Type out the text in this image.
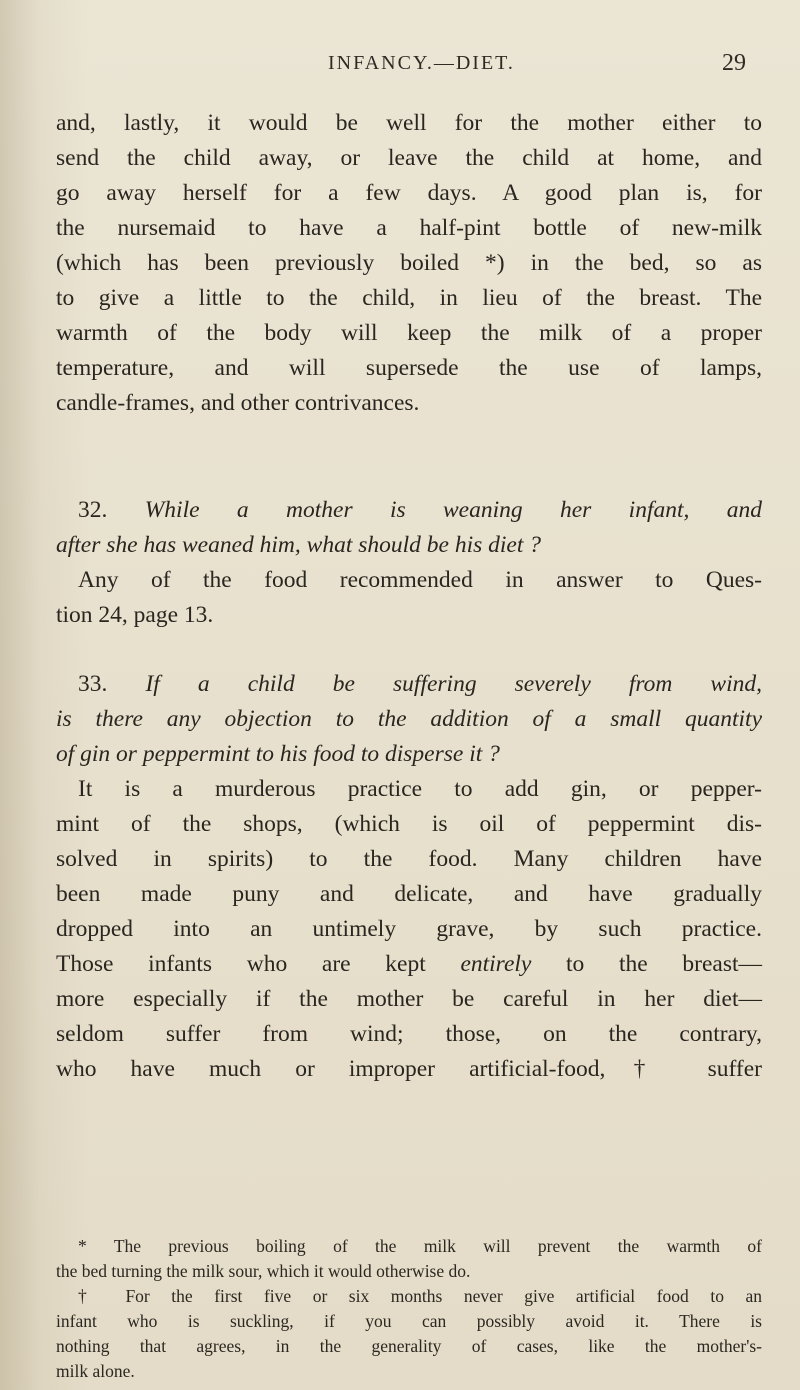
INFANCY.—DIET.	29
and, lastly, it would be well for the mother either to
send the child away, or leave the child at home, and
go away herself for a few days. A good plan is, for
the nursemaid to have a half-pint bottle of new-milk
(which has been previously boiled *) in the bed, so as
to give a little to the child, in lieu of the breast. The
warmth of the body will keep the milk of a proper
temperature, and will supersede the use of lamps,
candle-frames, and other contrivances.
32. While a mother is weaning her infant, and
after she has weaned him, what should be his diet ?
Any of the food recommended in answer to Ques-
tion 24, page 13.
33. If a child be suffering severely from wind,
is there any objection to the addition of a small quantity
of gin or peppermint to his food to disperse it ?
It is a murderous practice to add gin, or pepper-
mint of the shops, (which is oil of peppermint dis-
solved in spirits) to the food. Many children have
been made puny and delicate, and have gradually
dropped into an untimely grave, by such practice.
Those infants who are kept entirely to the breast—
more especially if the mother be careful in her diet—
seldom suffer from wind; those, on the contrary,
who have much or improper artificial-food,† suffer
* The previous boiling of the milk will prevent the warmth of
the bed turning the milk sour, which it would otherwise do.
† For the first five or six months never give artificial food to an
infant who is suckling, if you can possibly avoid it. There is
nothing that agrees, in the generality of cases, like the mother's-
milk alone.
